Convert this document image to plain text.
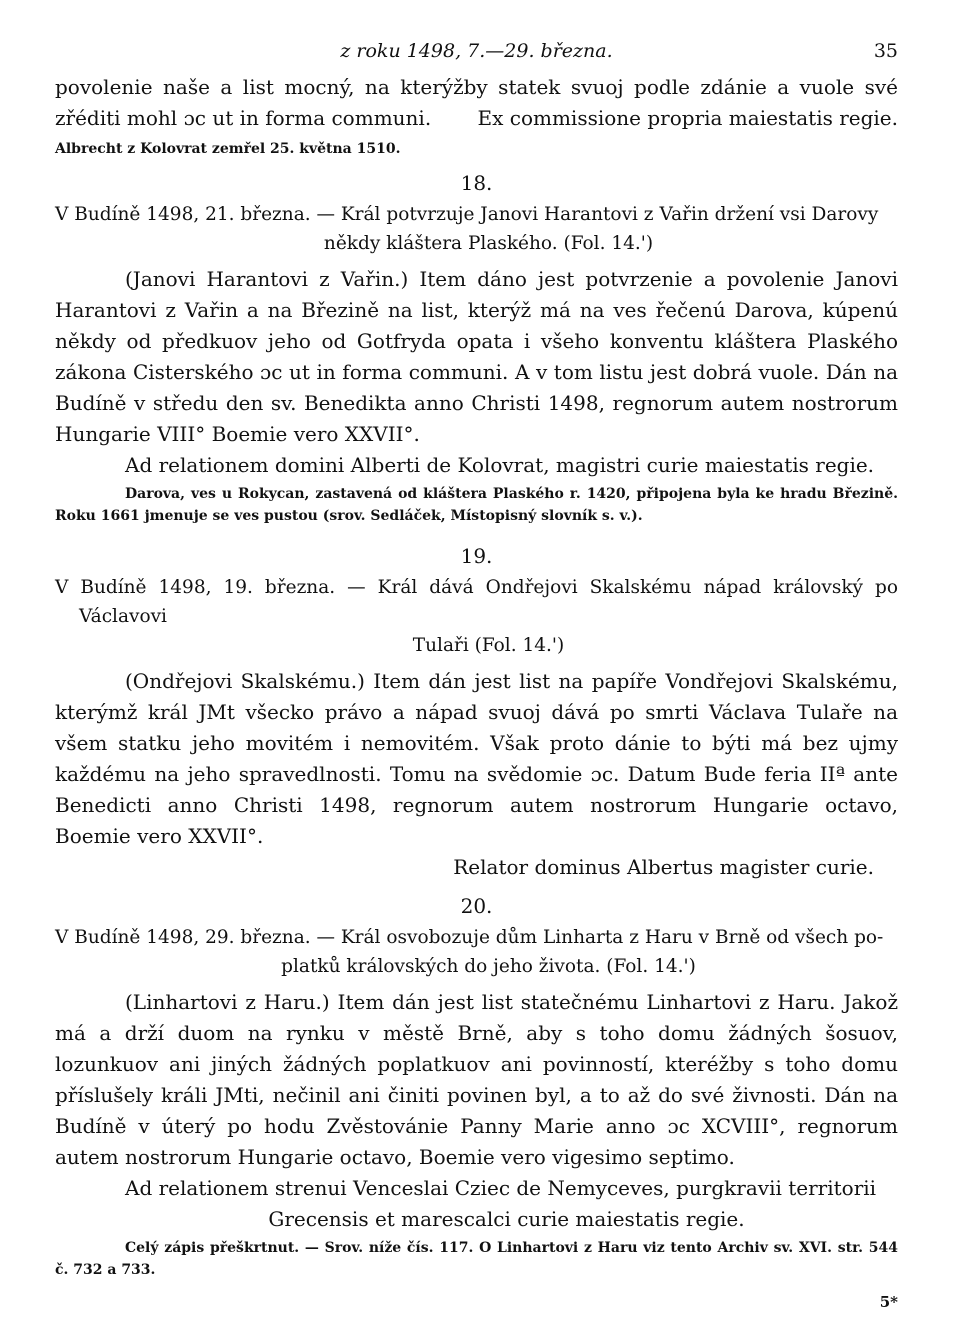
z roku 1498, 7.—29. března.	35

povolenie naše a list mocný, na kterýžby statek svuoj podle zdánie a vuole své zřéditi mohl ɔc ut in forma communi.	Ex commissione propria maiestatis regie.

Albrecht z Kolovrat zemřel 25. května 1510.

18.

V Budíně 1498, 21. března. — Král potvrzuje Janovi Harantovi z Vařin držení vsi Darovy
někdy kláštera Plaského. (Fol. 14.')

(Janovi Harantovi z Vařin.) Item dáno jest potvrzenie a povolenie Janovi Harantovi z Vařin a na Březině na list, kterýž má na ves řečenú Darova, kúpenú někdy od předkuov jeho od Gotfryda opata i všeho konventu kláštera Plaského zákona Cisterského ɔc ut in forma communi. A v tom listu jest dobrá vuole. Dán na Budíně v středu den sv. Benedikta anno Christi 1498, regnorum autem nostrorum Hungarie VIII° Boemie vero XXVII°.

Ad relationem domini Alberti de Kolovrat, magistri curie maiestatis regie.

Darova, ves u Rokycan, zastavená od kláštera Plaského r. 1420, připojena byla ke hradu Březině. Roku 1661 jmenuje se ves pustou (srov. Sedláček, Místopisný slovník s. v.).

19.

V Budíně 1498, 19. března. — Král dává Ondřejovi Skalskému nápad královský po Václavovi
Tulaři (Fol. 14.')

(Ondřejovi Skalskému.) Item dán jest list na papíře Vondřejovi Skalskému, kterýmž král JMt všecko právo a nápad svuoj dává po smrti Václava Tulaře na všem statku jeho movitém i nemovitém. Však proto dánie to býti má bez ujmy každému na jeho spravedlnosti. Tomu na svědomie ɔc. Datum Bude feria IIª ante Benedicti anno Christi 1498, regnorum autem nostrorum Hungarie octavo, Boemie vero XXVII°.

Relator dominus Albertus magister curie.

20.

V Budíně 1498, 29. března. — Král osvobozuje dům Linharta z Haru v Brně od všech po-
platků královských do jeho života. (Fol. 14.')

(Linhartovi z Haru.) Item dán jest list statečnému Linhartovi z Haru. Jakož má a drží duom na rynku v městě Brně, aby s toho domu žádných šosuov, lozunkuov ani jiných žádných poplatkuov ani povinností, kteréžby s toho domu příslušely králi JMti, nečinil ani činiti povinen byl, a to až do své živnosti. Dán na Budíně v úterý po hodu Zvěstovánie Panny Marie anno ɔc XCVIII°, regnorum autem nostrorum Hungarie octavo, Boemie vero vigesimo septimo.

Ad relationem strenui Venceslai Cziec de Nemyceves, purgkravii territorii

Grecensis et marescalci curie maiestatis regie.

Celý zápis přeškrtnut. — Srov. níže čís. 117. O Linhartovi z Haru viz tento Archiv sv. XVI. str. 544 č. 732 a 733.

5*
